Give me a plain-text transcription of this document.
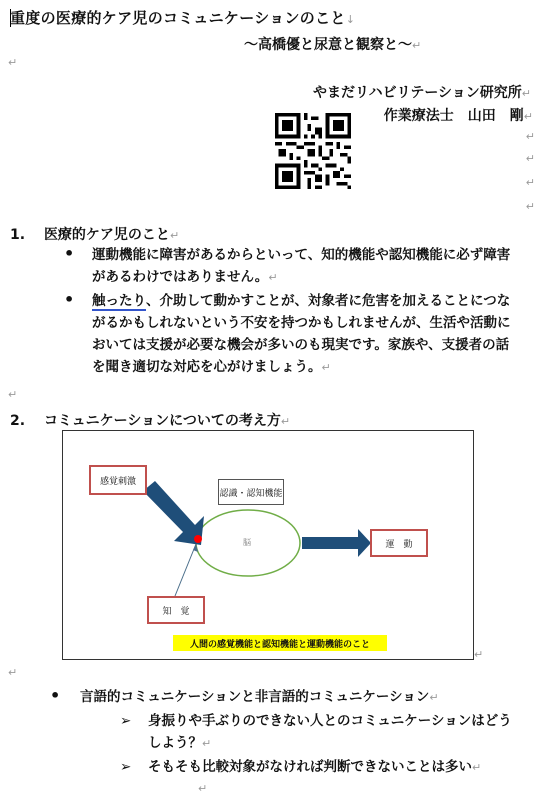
重度の医療的ケア児のコミュニケーションのこと↓
～高橋優と尿意と観察と～↵
↵
やまだリハビリテーション研究所↵
作業療法士　山田　剛↵
↵
↵
↵
↵
1. 医療的ケア児のこと↵
• 運動機能に障害があるからといって、知的機能や認知機能に必ず障害
があるわけではありません。↵
• 触ったり、介助して動かすことが、対象者に危害を加えることにつな
がるかもしれないという不安を持つかもしれませんが、生活や活動に
おいては支援が必要な機会が多いのも現実です。家族や、支援者の話
を聞き適切な対応を心がけましょう。↵
↵
2. コミュニケーションについての考え方↵
感覚刺激
認識・認知機能
脳	運　動
知　覚
人間の感覚機能と認知機能と運動機能のこと
↵
↵
• 言語的コミュニケーションと非言語的コミュニケーション↵
➢ 身振りや手ぶりのできない人とのコミュニケーションはどう
しよう？↵
➢ そもそも比較対象がなければ判断できないことは多い↵
↵
